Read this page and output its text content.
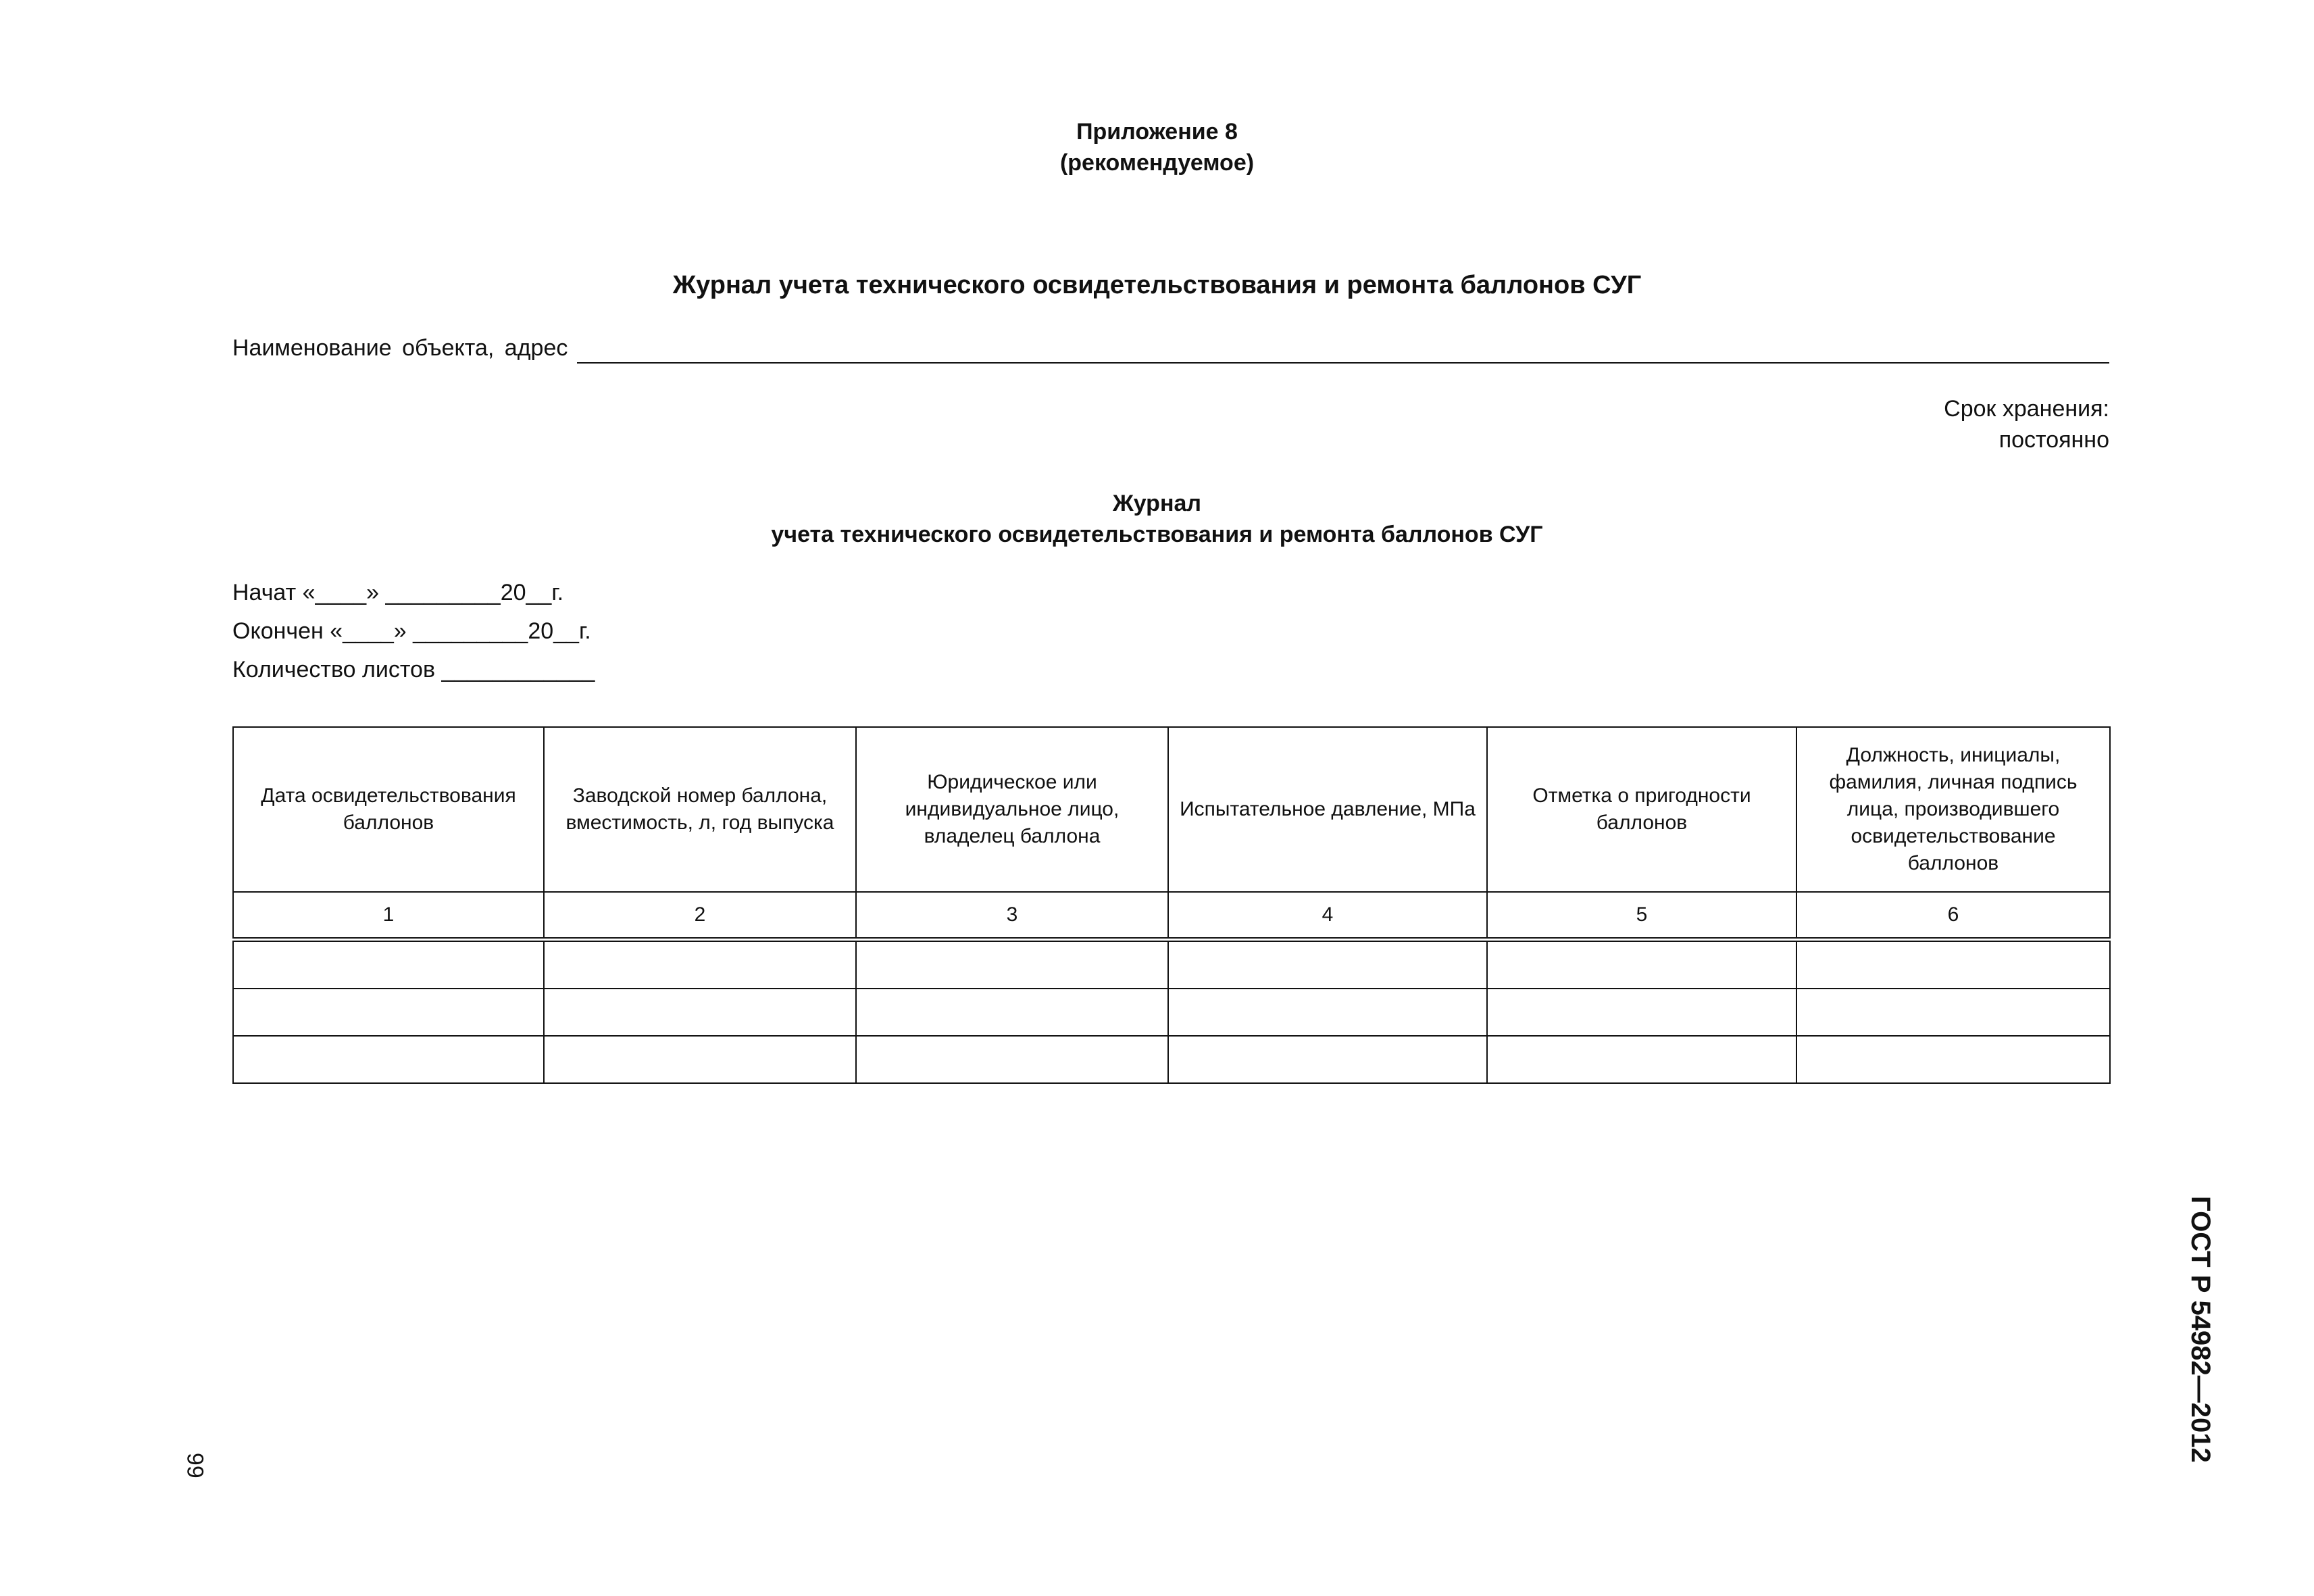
Приложение 8
(рекомендуемое)
Журнал учета технического освидетельствования и ремонта баллонов СУГ
Наименование объекта, адрес
Срок хранения:
постоянно
Журнал
учета технического освидетельствования и ремонта баллонов СУГ
Начат «____» _________20__г.
Окончен «____» _________20__г.
Количество листов ____________
Дата освидетельствования баллонов	Заводской номер баллона, вместимость, л, год выпуска	Юридическое или индивидуальное лицо, владелец баллона	Испытательное давление, МПа	Отметка о пригодности баллонов	Должность, инициалы, фамилия, личная подпись лица, производившего освидетельствование баллонов
1	2	3	4	5	6

ГОСТ Р 54982—2012
66
